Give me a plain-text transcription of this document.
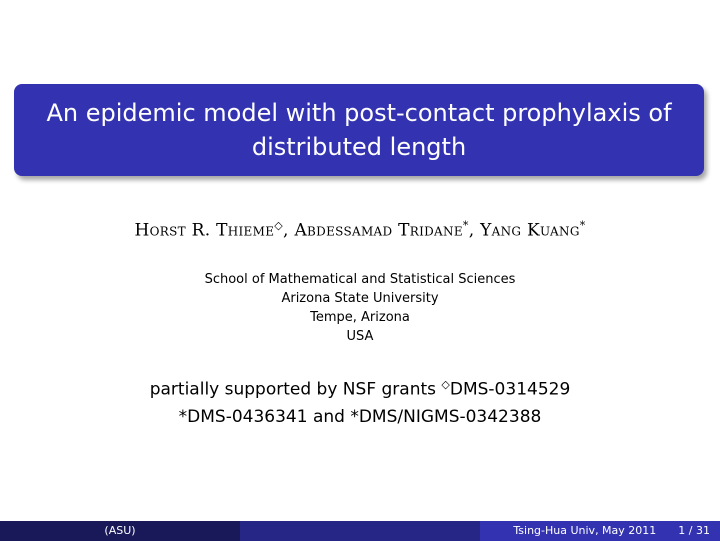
An epidemic model with post-contact prophylaxis of
distributed length
Horst R. Thieme◇, Abdessamad Tridane*, Yang Kuang*
School of Mathematical and Statistical Sciences
Arizona State University
Tempe, Arizona
USA
partially supported by NSF grants ◇DMS-0314529
*DMS-0436341 and *DMS/NIGMS-0342388
(ASU)	Tsing-Hua Univ, May 2011 1 / 31
